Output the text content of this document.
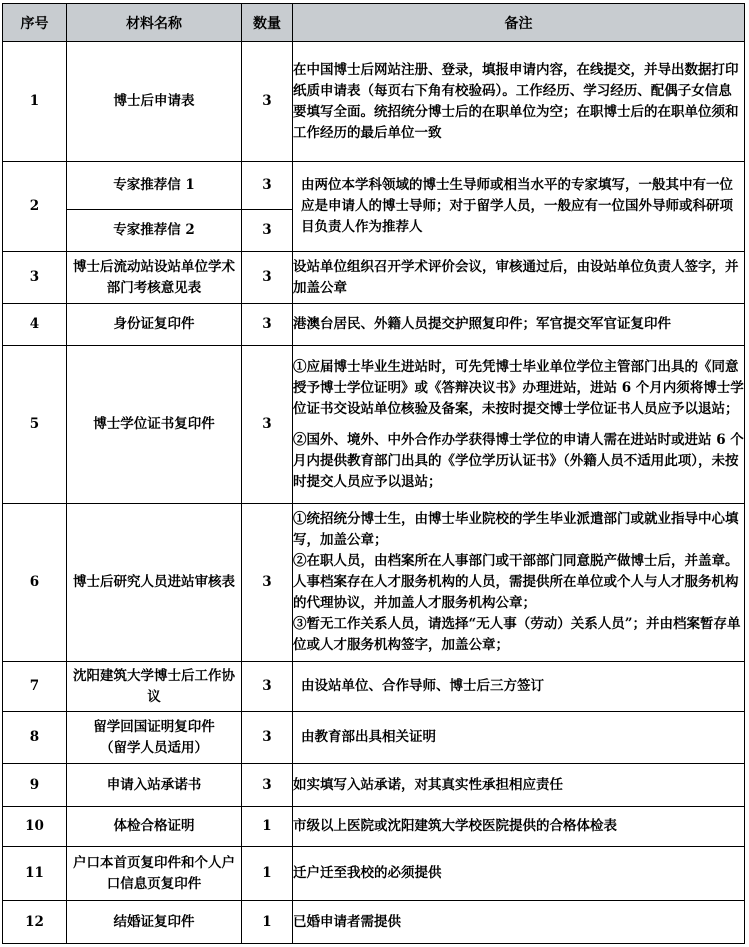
序号	材料名称	数量	备注
1	博士后申请表	3	在中国博士后网站注册、登录，填报申请内容，在线提交，并导出数据打印纸质申请表（每页右下角有校验码）。工作经历、学习经历、配偶子女信息要填写全面。统招统分博士后的在职单位为空；在职博士后的在职单位须和工作经历的最后单位一致
2	专家推荐信 1	3	由两位本学科领域的博士生导师或相当水平的专家填写，一般其中有一位应是申请人的博士导师；对于留学人员，一般应有一位国外导师或科研项目负责人作为推荐人
	专家推荐信 2	3	
3	博士后流动站设站单位学术部门考核意见表	3	设站单位组织召开学术评价会议，审核通过后，由设站单位负责人签字，并加盖公章
4	身份证复印件	3	港澳台居民、外籍人员提交护照复印件；军官提交军官证复印件
5	博士学位证书复印件	3	①应届博士毕业生进站时，可先凭博士毕业单位学位主管部门出具的《同意授予博士学位证明》或《答辩决议书》办理进站，进站 6 个月内须将博士学位证书交设站单位核验及备案，未按时提交博士学位证书人员应予以退站；

②国外、境外、中外合作办学获得博士学位的申请人需在进站时或进站 6 个月内提供教育部门出具的《学位学历认证书》（外籍人员不适用此项），未按时提交人员应予以退站；

6	博士后研究人员进站审核表	3	①统招统分博士生，由博士毕业院校的学生毕业派遣部门或就业指导中心填写，加盖公章；

②在职人员，由档案所在人事部门或干部部门同意脱产做博士后，并盖章。人事档案存在人才服务机构的人员，需提供所在单位或个人与人才服务机构的代理协议，并加盖人才服务机构公章；

③暂无工作关系人员，请选择“无人事（劳动）关系人员”；并由档案暂存单位或人才服务机构签字，加盖公章；

7	沈阳建筑大学博士后工作协议	3	由设站单位、合作导师、博士后三方签订
8	留学回国证明复印件
（留学人员适用）	3	由教育部出具相关证明
9	申请入站承诺书	3	如实填写入站承诺，对其真实性承担相应责任
10	体检合格证明	1	市级以上医院或沈阳建筑大学校医院提供的合格体检表
11	户口本首页复印件和个人户口信息页复印件	1	迁户迁至我校的必须提供
12	结婚证复印件	1	已婚申请者需提供
